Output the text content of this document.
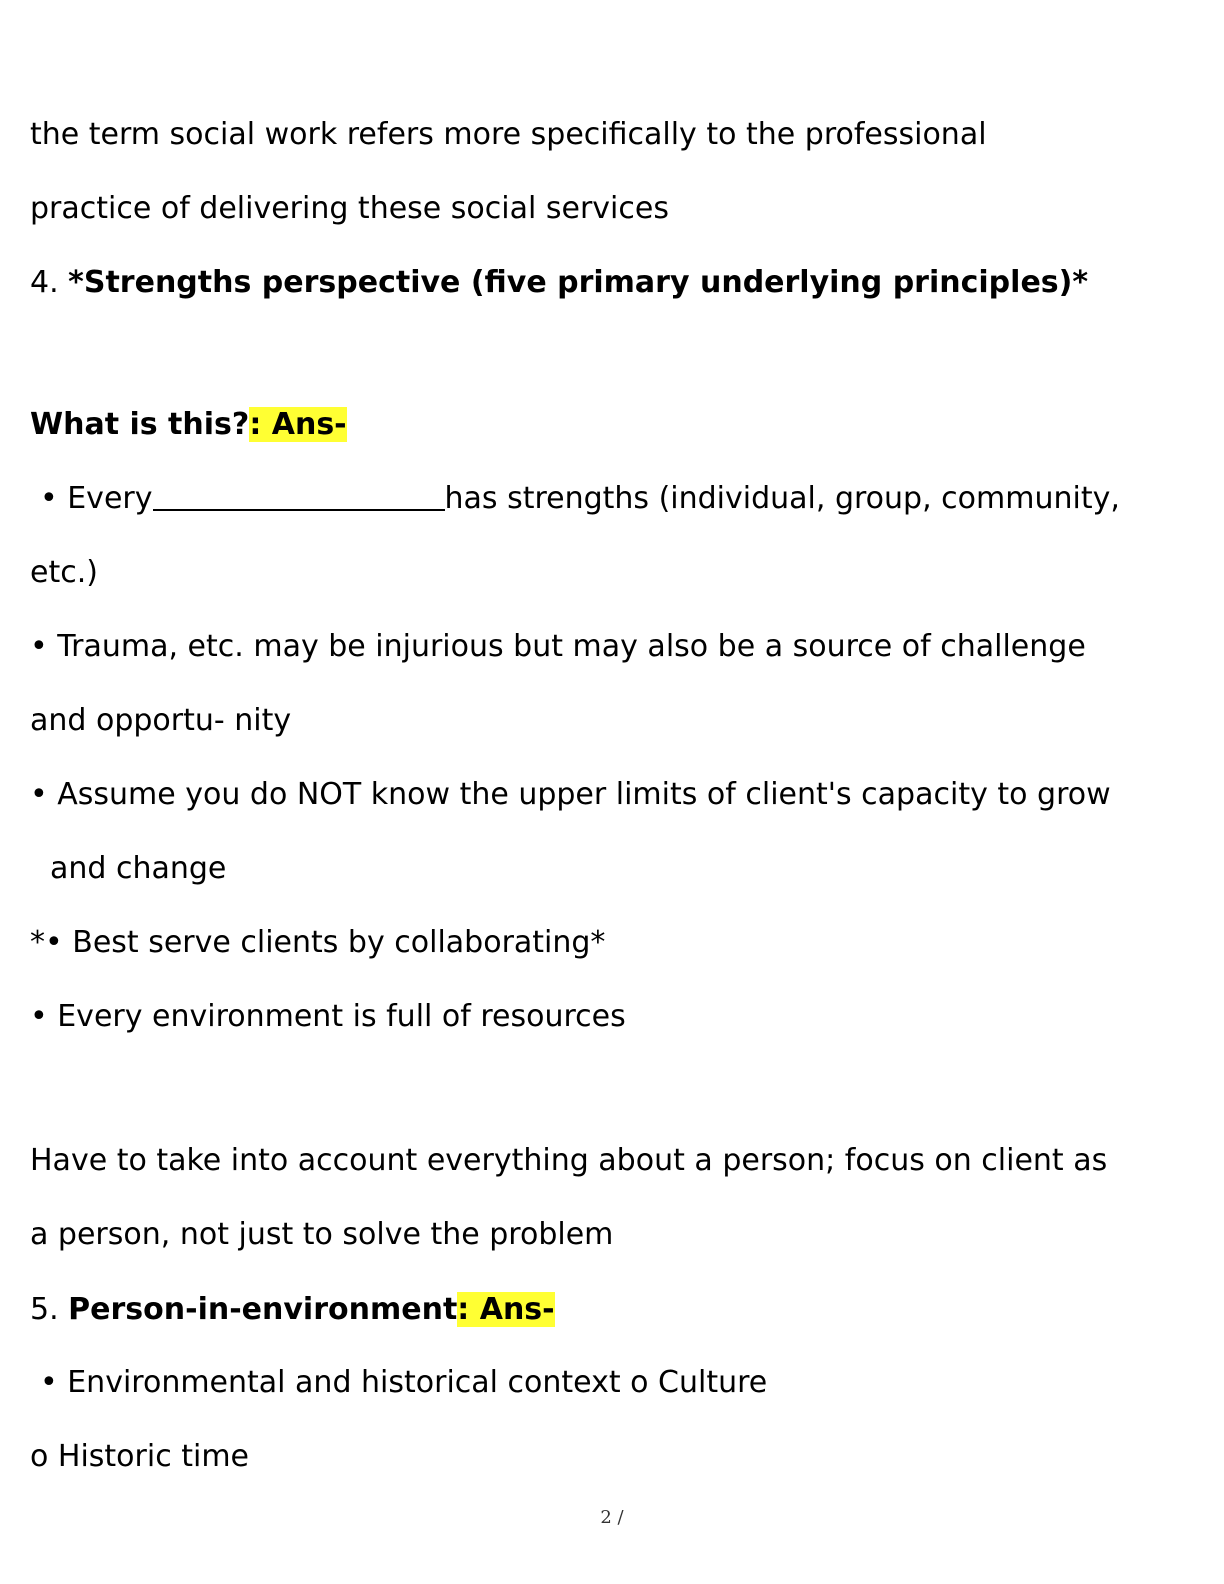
the term social work refers more specifically to the professional
practice of delivering these social services
4. *Strengths perspective (five primary underlying principles)*
What is this?: Ans-
• Every	has strengths (individual, group, community,
etc.)
• Trauma, etc. may be injurious but may also be a source of challenge
and opportu- nity
• Assume you do NOT know the upper limits of client's capacity to grow
and change
*• Best serve clients by collaborating*
• Every environment is full of resources
Have to take into account everything about a person; focus on client as
a person, not just to solve the problem
5. Person-in-environment: Ans-
• Environmental and historical context o Culture
o Historic time
2 /
